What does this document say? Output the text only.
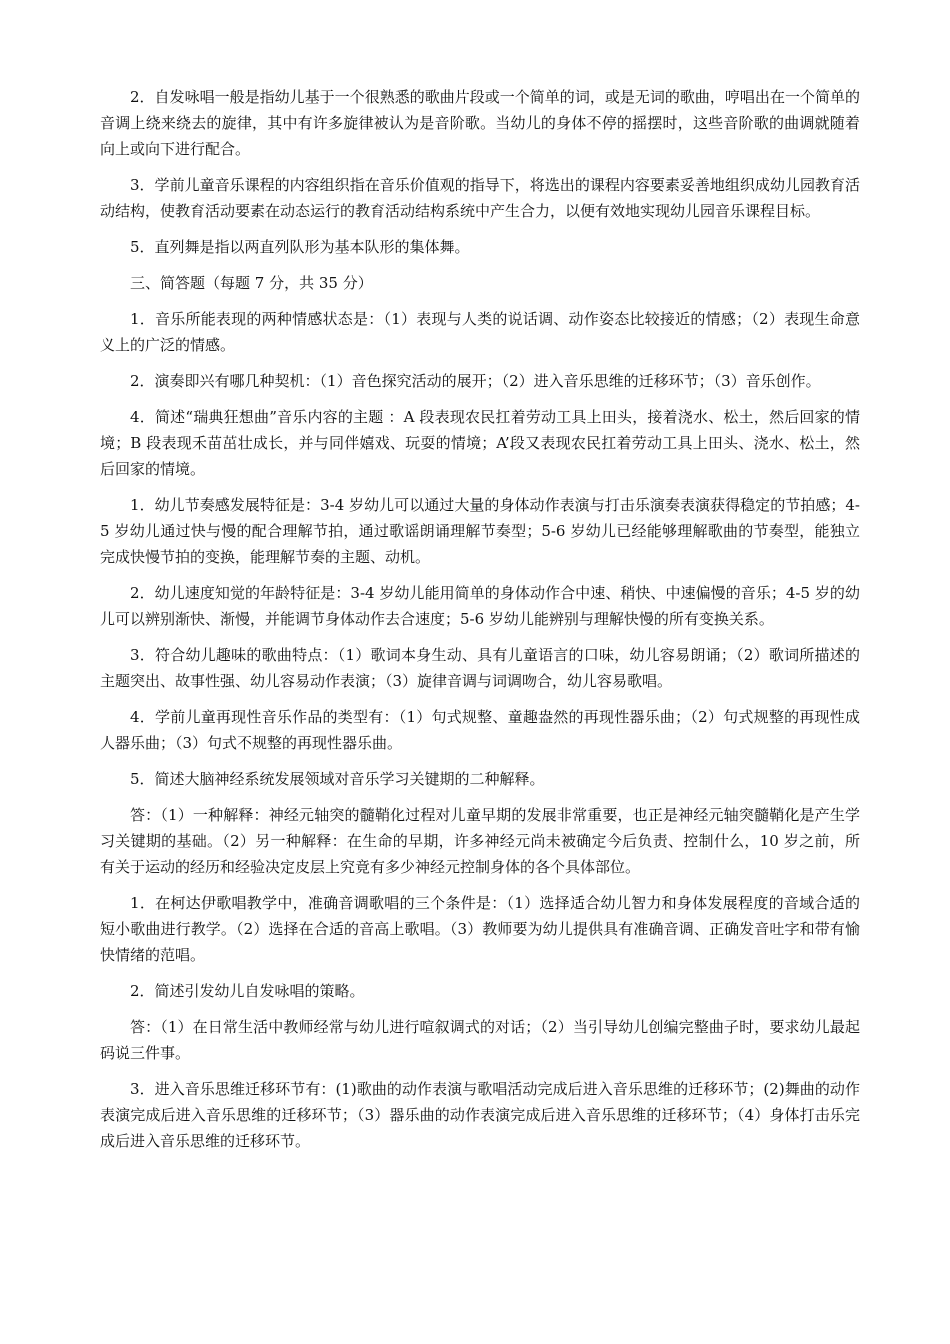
2．自发咏唱一般是指幼儿基于一个很熟悉的歌曲片段或一个简单的词，或是无词的歌曲，哼唱出在一个简单的音调上绕来绕去的旋律，其中有许多旋律被认为是音阶歌。当幼儿的身体不停的摇摆时，这些音阶歌的曲调就随着向上或向下进行配合。

3．学前儿童音乐课程的内容组织指在音乐价值观的指导下，将选出的课程内容要素妥善地组织成幼儿园教育活动结构，使教育活动要素在动态运行的教育活动结构系统中产生合力，以便有效地实现幼儿园音乐课程目标。

5．直列舞是指以两直列队形为基本队形的集体舞。

三、简答题（每题 7 分，共 35 分）

1．音乐所能表现的两种情感状态是：（1）表现与人类的说话调、动作姿态比较接近的情感；（2）表现生命意义上的广泛的情感。

2．演奏即兴有哪几种契机：（1）音色探究活动的展开；（2）进入音乐思维的迁移环节；（3）音乐创作。

4．简述“瑞典狂想曲”音乐内容的主题 ：A 段表现农民扛着劳动工具上田头，接着浇水、松土，然后回家的情境；B 段表现禾苗茁壮成长，并与同伴嬉戏、玩耍的情境；A’段又表现农民扛着劳动工具上田头、浇水、松土，然后回家的情境。

1．幼儿节奏感发展特征是：3-4 岁幼儿可以通过大量的身体动作表演与打击乐演奏表演获得稳定的节拍感；4-5 岁幼儿通过快与慢的配合理解节拍，通过歌谣朗诵理解节奏型；5-6 岁幼儿已经能够理解歌曲的节奏型，能独立完成快慢节拍的变换，能理解节奏的主题、动机。

2．幼儿速度知觉的年龄特征是：3-4 岁幼儿能用简单的身体动作合中速、稍快、中速偏慢的音乐；4-5 岁的幼儿可以辨别渐快、渐慢，并能调节身体动作去合速度；5-6 岁幼儿能辨别与理解快慢的所有变换关系。

3．符合幼儿趣味的歌曲特点：（1）歌词本身生动、具有儿童语言的口味，幼儿容易朗诵；（2）歌词所描述的主题突出、故事性强、幼儿容易动作表演；（3）旋律音调与词调吻合，幼儿容易歌唱。

4．学前儿童再现性音乐作品的类型有：（1）句式规整、童趣盎然的再现性器乐曲；（2）句式规整的再现性成人器乐曲；（3）句式不规整的再现性器乐曲。

5．简述大脑神经系统发展领域对音乐学习关键期的二种解释。

答：（1）一种解释：神经元轴突的髓鞘化过程对儿童早期的发展非常重要，也正是神经元轴突髓鞘化是产生学习关键期的基础。（2）另一种解释：在生命的早期，许多神经元尚未被确定今后负责、控制什么，10 岁之前，所有关于运动的经历和经验决定皮层上究竟有多少神经元控制身体的各个具体部位。

1．在柯达伊歌唱教学中，准确音调歌唱的三个条件是：（1）选择适合幼儿智力和身体发展程度的音域合适的短小歌曲进行教学。（2）选择在合适的音高上歌唱。（3）教师要为幼儿提供具有准确音调、正确发音吐字和带有愉快情绪的范唱。

2．简述引发幼儿自发咏唱的策略。

答：（1）在日常生活中教师经常与幼儿进行喧叙调式的对话；（2）当引导幼儿创编完整曲子时，要求幼儿最起码说三件事。

3．进入音乐思维迁移环节有：(1)歌曲的动作表演与歌唱活动完成后进入音乐思维的迁移环节；(2)舞曲的动作表演完成后进入音乐思维的迁移环节；（3）器乐曲的动作表演完成后进入音乐思维的迁移环节；（4）身体打击乐完成后进入音乐思维的迁移环节。
